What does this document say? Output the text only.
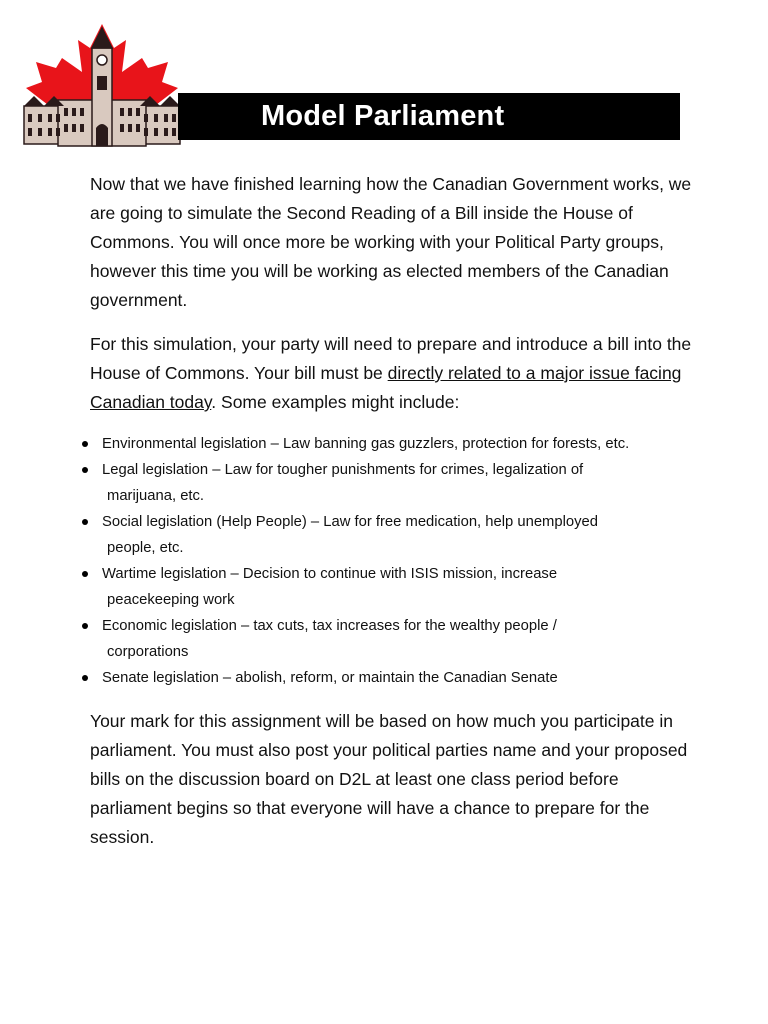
Model Parliament

Now that we have finished learning how the Canadian Government works, we are going to simulate the Second Reading of a Bill inside the House of Commons. You will once more be working with your Political Party groups, however this time you will be working as elected members of the Canadian government.

For this simulation, your party will need to prepare and introduce a bill into the House of Commons. Your bill must be directly related to a major issue facing Canadian today. Some examples might include:

Environmental legislation – Law banning gas guzzlers, protection for forests, etc.
Legal legislation – Law for tougher punishments for crimes, legalization of
marijuana, etc.
Social legislation (Help People) – Law for free medication, help unemployed
people, etc.
Wartime legislation – Decision to continue with ISIS mission, increase
peacekeeping work
Economic legislation – tax cuts, tax increases for the wealthy people /
corporations
Senate legislation – abolish, reform, or maintain the Canadian Senate

Your mark for this assignment will be based on how much you participate in parliament. You must also post your political parties name and your proposed bills on the discussion board on D2L at least one class period before parliament begins so that everyone will have a chance to prepare for the session.
